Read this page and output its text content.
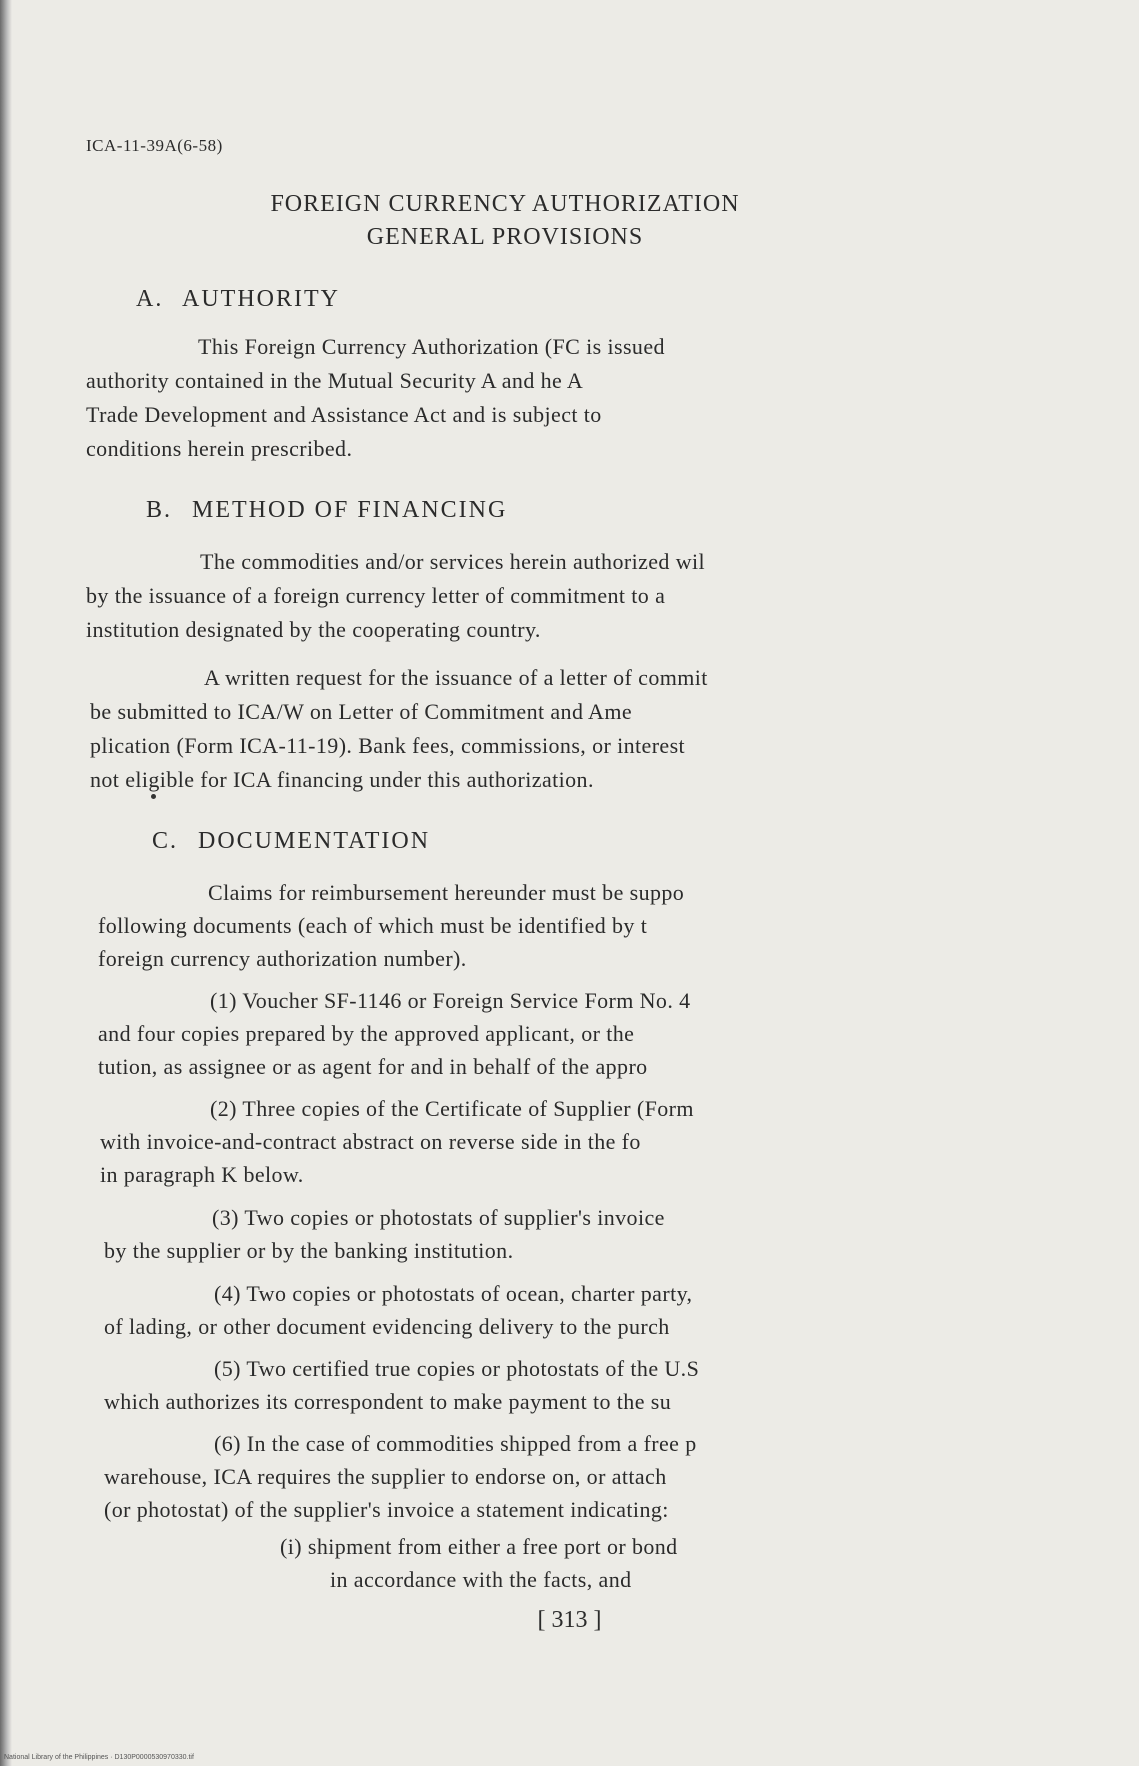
ICA-11-39A(6-58)
FOREIGN CURRENCY AUTHORIZATION
GENERAL PROVISIONS
A. AUTHORITY
This Foreign Currency Authorization (FC is issued
authority contained in the Mutual Security A and he A
Trade Development and Assistance Act and is subject to
conditions herein prescribed.
B. METHOD OF FINANCING
The commodities and/or services herein authorized wil
by the issuance of a foreign currency letter of commitment to a
institution designated by the cooperating country.
A written request for the issuance of a letter of commit
be submitted to ICA/W on Letter of Commitment and Ame
plication (Form ICA-11-19). Bank fees, commissions, or interest
not eligible for ICA financing under this authorization.
C. DOCUMENTATION
Claims for reimbursement hereunder must be suppo
following documents (each of which must be identified by t
foreign currency authorization number).
(1) Voucher SF-1146 or Foreign Service Form No. 4
and four copies prepared by the approved applicant, or the
tution, as assignee or as agent for and in behalf of the appro
(2) Three copies of the Certificate of Supplier (Form
with invoice-and-contract abstract on reverse side in the fo
in paragraph K below.
(3) Two copies or photostats of supplier's invoice
by the supplier or by the banking institution.
(4) Two copies or photostats of ocean, charter party,
of lading, or other document evidencing delivery to the purch
(5) Two certified true copies or photostats of the U.S
which authorizes its correspondent to make payment to the su
(6) In the case of commodities shipped from a free p
warehouse, ICA requires the supplier to endorse on, or attach
(or photostat) of the supplier's invoice a statement indicating:
(i) shipment from either a free port or bond
in accordance with the facts, and
[ 313 ]
National Library of the Philippines · D130P0000530970330.tif
